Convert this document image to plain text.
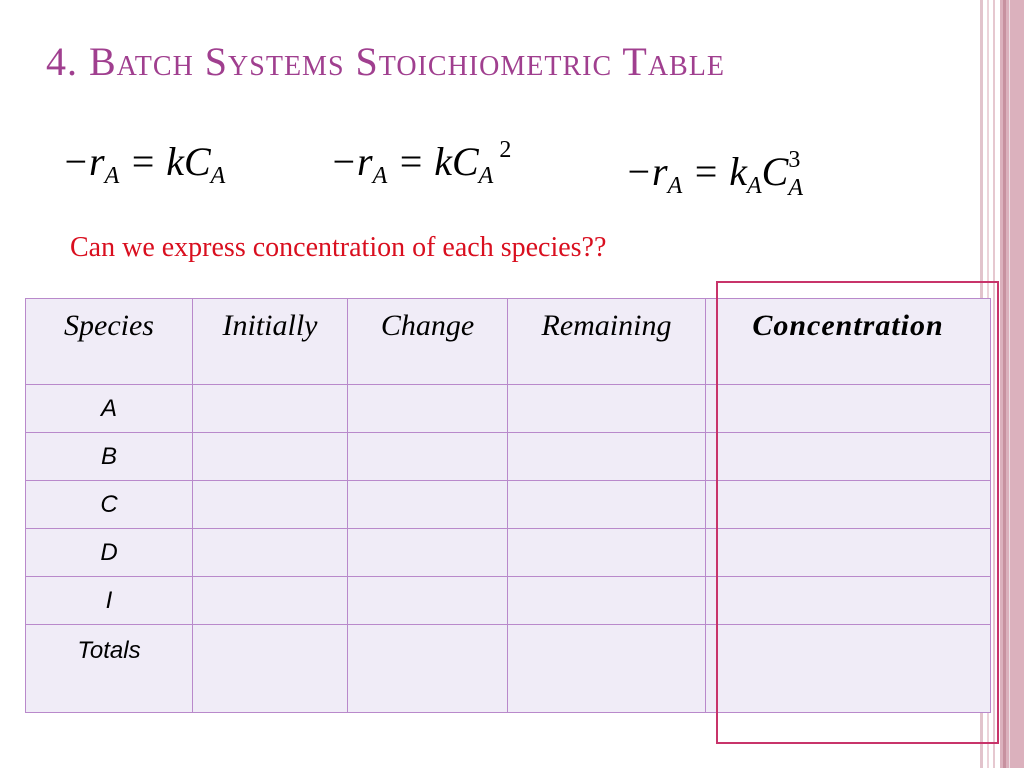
4. Batch Systems Stoichiometric Table
$-r_A = kC_A$	$-r_A = kC_A^2$	$-r_A = k_AC$ 3
A
Can we express concentration of each species??
Species	Initially	Change	Remaining	Concentration
A				
B				
C				
D				
I				
Totals				
